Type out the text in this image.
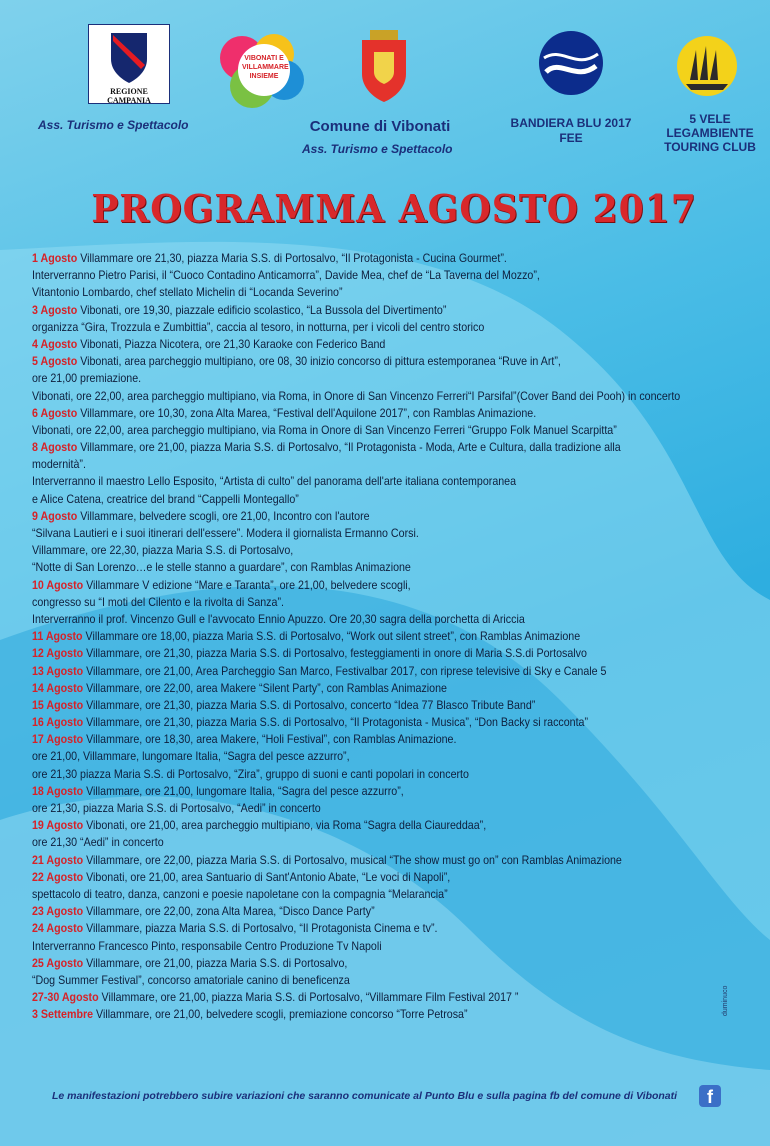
REGIONE CAMPANIA
Ass. Turismo e Spettacolo
VIBONATI E VILLAMMARE INSIEME
Comune di Vibonati
Ass. Turismo e Spettacolo
BANDIERA BLU 2017
FEE
5 VELE
LEGAMBIENTE
TOURING CLUB
PROGRAMMA AGOSTO 2017
1 Agosto Villammare ore 21,30, piazza Maria S.S. di Portosalvo, “Il Protagonista - Cucina Gourmet”.
Interverranno Pietro Parisi, il “Cuoco Contadino Anticamorra”, Davide Mea, chef de “La Taverna del Mozzo”,
Vitantonio Lombardo, chef stellato Michelin di “Locanda Severino”
3 Agosto Vibonati, ore 19,30, piazzale edificio scolastico, “La Bussola del Divertimento”
organizza “Gira, Trozzula e Zumbittia”, caccia al tesoro, in notturna, per i vicoli del centro storico
4 Agosto Vibonati, Piazza Nicotera, ore 21,30 Karaoke con Federico Band
5 Agosto Vibonati, area parcheggio multipiano, ore 08, 30 inizio concorso di pittura estemporanea “Ruve in Art”,
ore 21,00 premiazione.
Vibonati, ore 22,00, area parcheggio multipiano, via Roma, in Onore di San Vincenzo Ferreri“I Parsifal”(Cover Band dei Pooh) in concerto
6 Agosto Villammare, ore 10,30, zona Alta Marea, “Festival dell'Aquilone 2017”, con Ramblas Animazione.
Vibonati, ore 22,00, area parcheggio multipiano, via Roma in Onore di San Vincenzo Ferreri “Gruppo Folk Manuel Scarpitta”
8 Agosto Villammare, ore 21,00, piazza Maria S.S. di Portosalvo, “Il Protagonista - Moda, Arte e Cultura, dalla tradizione alla
modernità”.
Interverranno il maestro Lello Esposito, “Artista di culto” del panorama dell'arte italiana contemporanea
e Alice Catena, creatrice del brand “Cappelli Montegallo”
9 Agosto Villammare, belvedere scogli, ore 21,00, Incontro con l'autore
“Silvana Lautieri e i suoi itinerari dell'essere”. Modera il giornalista Ermanno Corsi.
Villammare, ore 22,30, piazza Maria S.S. di Portosalvo,
“Notte di San Lorenzo…e le stelle stanno a guardare”, con Ramblas Animazione
10 Agosto Villammare V edizione “Mare e Taranta”, ore 21,00, belvedere scogli,
congresso su “I moti del Cilento e la rivolta di Sanza”.
Interverranno il prof. Vincenzo Gull e l'avvocato Ennio Apuzzo. Ore 20,30 sagra della porchetta di Ariccia
11 Agosto Villammare ore 18,00, piazza Maria S.S. di Portosalvo, “Work out silent street”, con Ramblas Animazione
12 Agosto Villammare, ore 21,30, piazza Maria S.S. di Portosalvo, festeggiamenti in onore di Maria S.S.di Portosalvo
13 Agosto Villammare, ore 21,00, Area Parcheggio San Marco, Festivalbar 2017, con riprese televisive di Sky e Canale 5
14 Agosto Villammare, ore 22,00, area Makere “Silent Party”, con Ramblas Animazione
15 Agosto Villammare, ore 21,30, piazza Maria S.S. di Portosalvo, concerto “Idea 77 Blasco Tribute Band”
16 Agosto Villammare, ore 21,30, piazza Maria S.S. di Portosalvo, “Il Protagonista - Musica”, “Don Backy si racconta”
17 Agosto Villammare, ore 18,30, area Makere, “Holi Festival”, con Ramblas Animazione.
ore 21,00, Villammare, lungomare Italia, “Sagra del pesce azzurro”,
ore 21,30 piazza Maria S.S. di Portosalvo, “Zira”, gruppo di suoni e canti popolari in concerto
18 Agosto Villammare, ore 21,00, lungomare Italia, “Sagra del pesce azzurro”,
ore 21,30, piazza Maria S.S. di Portosalvo, “Aedi” in concerto
19 Agosto Vibonati, ore 21,00, area parcheggio multipiano, via Roma “Sagra della Ciaureddaa”,
ore 21,30 “Aedi” in concerto
21 Agosto Villammare, ore 22,00, piazza Maria S.S. di Portosalvo, musical “The show must go on” con Ramblas Animazione
22 Agosto Vibonati, ore 21,00, area Santuario di Sant'Antonio Abate, “Le voci di Napoli”,
spettacolo di teatro, danza, canzoni e poesie napoletane con la compagnia “Melarancia”
23 Agosto Villammare, ore 22,00, zona Alta Marea, “Disco Dance Party”
24 Agosto Villammare, piazza Maria S.S. di Portosalvo, “Il Protagonista Cinema e tv”.
Interverranno Francesco Pinto, responsabile Centro Produzione Tv Napoli
25 Agosto Villammare, ore 21,00, piazza Maria S.S. di Portosalvo,
“Dog Summer Festival”, concorso amatoriale canino di beneficenza
27-30 Agosto Villammare, ore 21,00, piazza Maria S.S. di Portosalvo, “Villammare Film Festival 2017 ”
3 Settembre Villammare, ore 21,00, belvedere scogli, premiazione concorso “Torre Petrosa”
Le manifestazioni potrebbero subire variazioni che saranno comunicate al Punto Blu e sulla pagina fb del comune di Vibonati	f
duminuco
